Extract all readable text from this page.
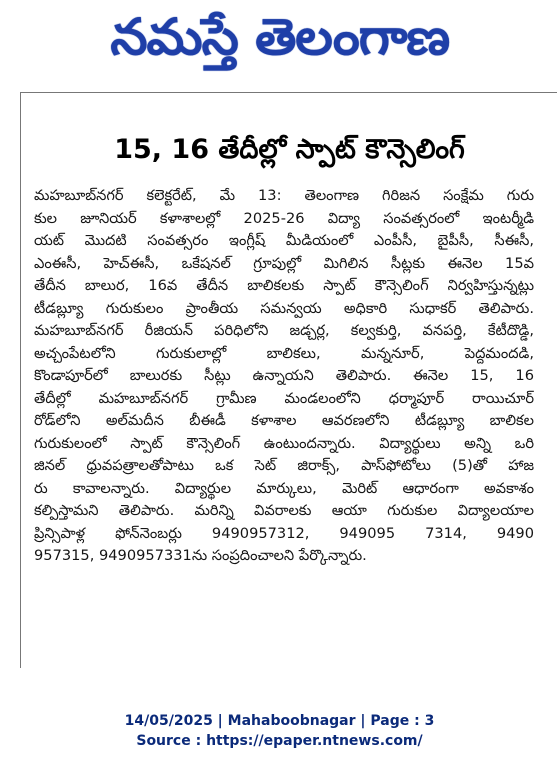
నమస్తే తెలంగాణ
15, 16 తేదీల్లో స్పాట్ కౌన్సెలింగ్
మహబూబ్‌నగర్ కలెక్టరేట్, మే 13: తెలంగాణ గిరిజన సంక్షేమ గురు
కుల జూనియర్ కళాశాలల్లో 2025-26 విద్యా సంవత్సరంలో ఇంటర్మీడి
యట్ మొదటి సంవత్సరం ఇంగ్లీష్ మీడియంలో ఎంపీసీ, బైపీసీ, సీఈసీ,
ఎంఈసీ, హెచ్ఈసీ, ఒకేషనల్ గ్రూపుల్లో మిగిలిన సీట్లకు ఈనెల 15వ
తేదీన బాలుర, 16వ తేదీన బాలికలకు స్పాట్ కౌన్సెలింగ్ నిర్వహిస్తున్నట్లు
టీడబ్ల్యూ గురుకులం ప్రాంతీయ సమన్వయ అధికారి సుధాకర్ తెలిపారు.
మహబూబ్‌నగర్ రీజియన్ పరిధిలోని జడ్చర్ల, కల్వకుర్తి, వనపర్తి, కేటీదొడ్డి,
అచ్చంపేటలోని గురుకులాల్లో బాలికలు, మన్ననూర్, పెద్దమందడి,
కొండాపూర్‌లో బాలురకు సీట్లు ఉన్నాయని తెలిపారు. ఈనెల 15, 16
తేదీల్లో మహబూబ్‌నగర్ గ్రామీణ మండలంలోని ధర్మాపూర్ రాయిచూర్
రోడ్‌లోని అల్‌మదీన బీఈడీ కళాశాల ఆవరణలోని టీడబ్ల్యూ బాలికల
గురుకులంలో స్పాట్ కౌన్సెలింగ్ ఉంటుందన్నారు. విద్యార్థులు అన్ని ఒరి
జినల్ ధ్రువపత్రాలతోపాటు ఒక సెట్ జిరాక్స్, పాస్‌ఫోటోలు (5)తో హాజ
రు కావాలన్నారు. విద్యార్థుల మార్కులు, మెరిట్ ఆధారంగా అవకాశం
కల్పిస్తామని తెలిపారు. మరిన్ని వివరాలకు ఆయా గురుకుల విద్యాలయాల
ప్రిన్సిపాళ్ల ఫోన్‌నెంబర్లు 9490957312, 949095 7314, 9490
957315, 9490957331ను సంప్రదించాలని పేర్కొన్నారు.
14/05/2025 | Mahaboobnagar | Page : 3
Source : https://epaper.ntnews.com/
